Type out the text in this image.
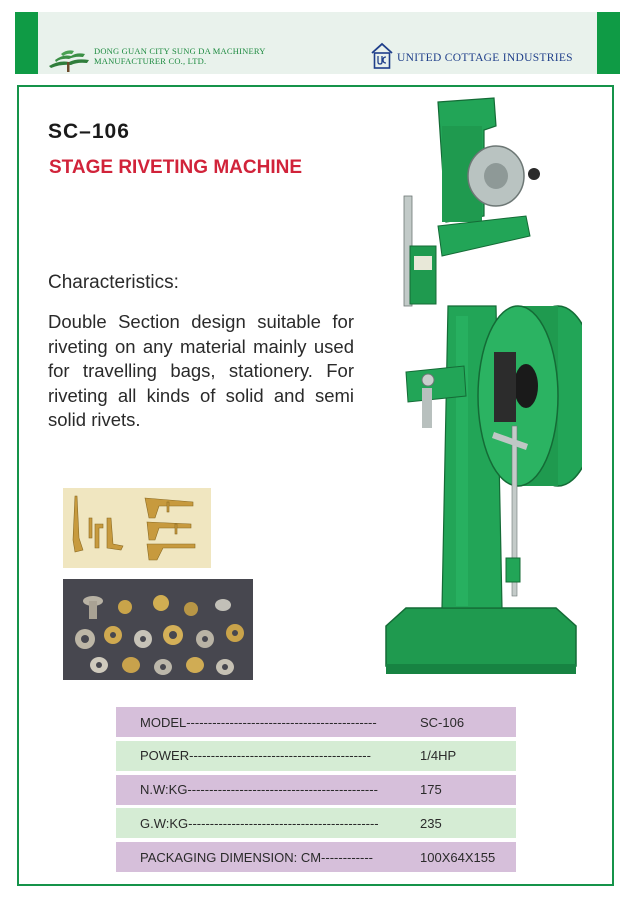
DONG GUAN CITY SUNG DA MACHINERY
MANUFACTURER CO., LTD.	UNITED COTTAGE INDUSTRIES
SC–106
STAGE RIVETING MACHINE
Characteristics:
Double Section design suitable for riveting on any material mainly used for travelling bags, stationery. For riveting all kinds of solid and semi solid rivets.
MODEL--------------------------------------------	SC-106
POWER------------------------------------------	1/4HP
N.W:KG--------------------------------------------	175
G.W:KG--------------------------------------------	235
PACKAGING DIMENSION: CM------------	100X64X155
